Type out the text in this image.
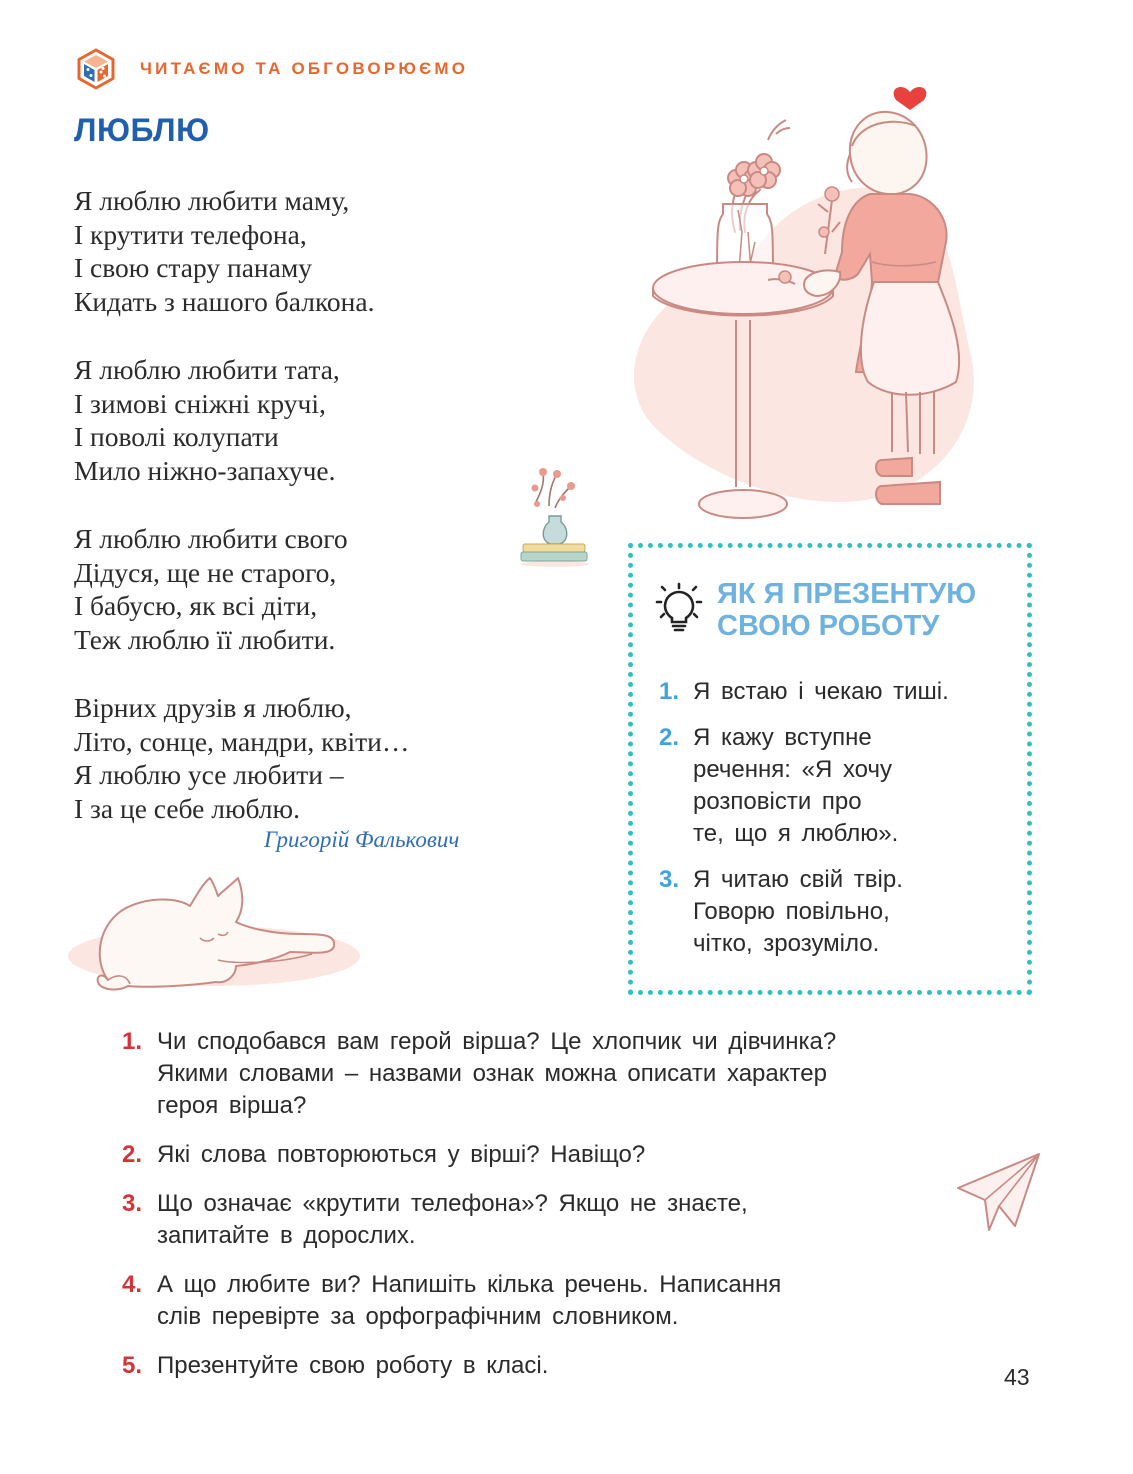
ЧИТАЄМО ТА ОБГОВОРЮЄМО
ЛЮБЛЮ
Я люблю любити маму,
І крутити телефона,
І свою стару панаму
Кидать з нашого балкона.
Я люблю любити тата,
І зимові сніжні кручі,
І поволі колупати
Мило ніжно-запахуче.
Я люблю любити свого
Дідуся, ще не старого,
І бабусю, як всі діти,
Теж люблю її любити.
Вірних друзів я люблю,
Літо, сонце, мандри, квіти…
Я люблю усе любити –
І за це себе люблю.
Григорій Фалькович
ЯК Я ПРЕЗЕНТУЮ
СВОЮ РОБОТУ
1. Я встаю і чекаю тиші.
2. Я кажу вступне
речення: «Я хочу
розповісти про
те, що я люблю».
3. Я читаю свій твір.
Говорю повільно,
чітко, зрозуміло.
1. Чи сподобався вам герой вірша? Це хлопчик чи дівчинка?
Якими словами – назвами ознак можна описати характер
героя вірша?
2. Які слова повторюються у вірші? Навіщо?
3. Що означає «крутити телефона»? Якщо не знаєте,
запитайте в дорослих.
4. А що любите ви? Напишіть кілька речень. Написання
слів перевірте за орфографічним словником.
5. Презентуйте свою роботу в класі.	43
